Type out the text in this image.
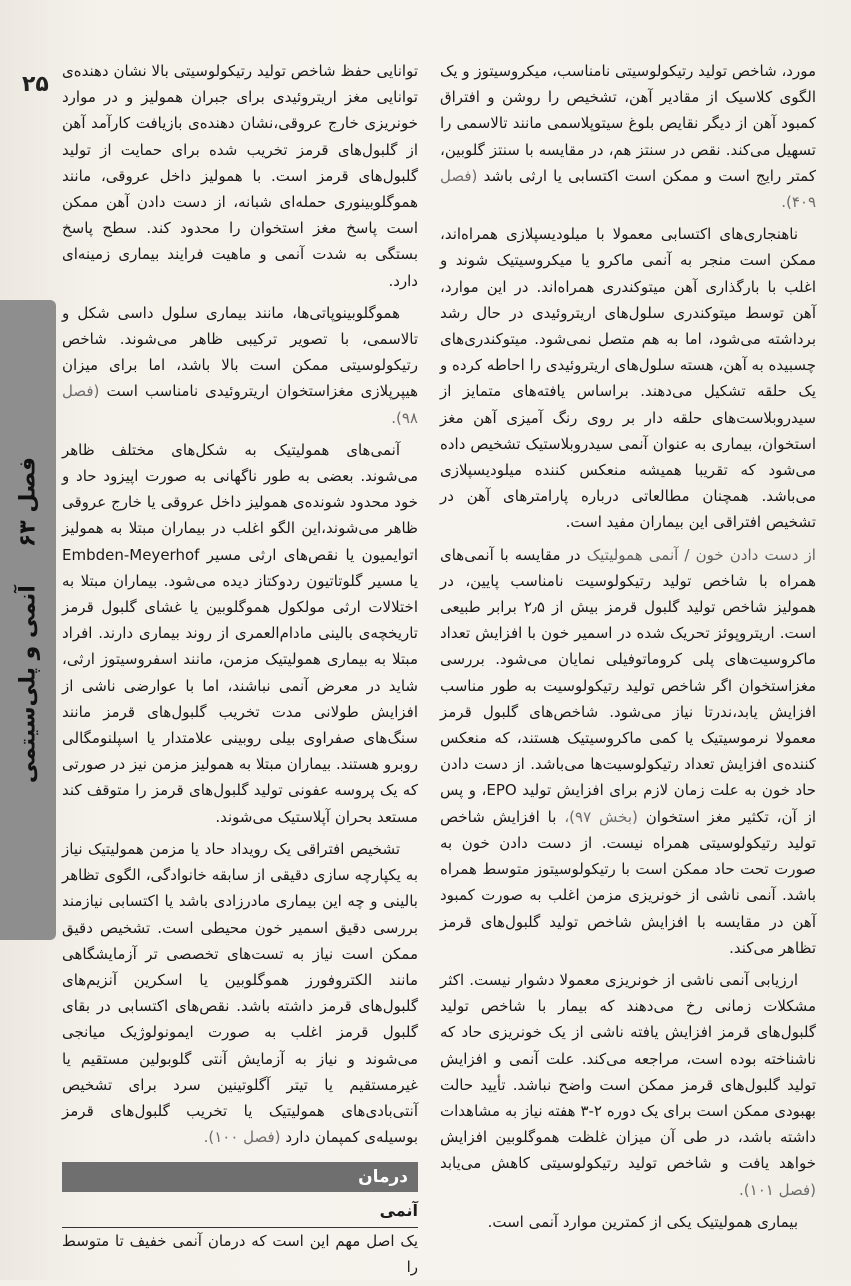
۲۵
فصل ۶۳
آنمی و پلی‌سیتمی

مورد، شاخص تولید رتیکولوسیتی نامناسب، میکروسیتوز و یک الگوی کلاسیک از مقادیر آهن، تشخیص را روشن و افتراق کمبود آهن از دیگر نقایص بلوغ سیتوپلاسمی مانند تالاسمی را تسهیل می‌کند. نقص در سنتز هم، در مقایسه با سنتز گلوبین، کمتر رایج است و ممکن است اکتسابی یا ارثی باشد (فصل ۴۰۹).

ناهنجاری‌های اکتسابی معمولا با میلودیسپلازی همراه‌اند، ممکن است منجر به آنمی ماکرو یا میکروسیتیک شوند و اغلب با بارگذاری آهن میتوکندری همراه‌اند. در این موارد، آهن توسط میتوکندری سلول‌های اریتروئیدی در حال رشد برداشته می‌شود، اما به هم متصل نمی‌شود. میتوکندری‌های چسبیده به آهن، هسته سلول‌های اریتروئیدی را احاطه کرده و یک حلقه تشکیل می‌دهند. براساس یافته‌های متمایز از سیدروبلاست‌های حلقه دار بر روی رنگ آمیزی آهن مغز استخوان، بیماری به عنوان آنمی سیدروبلاستیک تشخیص داده می‌شود که تقریبا همیشه منعکس کننده میلودیسپلازی می‌باشد. همچنان مطالعاتی درباره پارامترهای آهن در تشخیص افتراقی این بیماران مفید است.

از دست دادن خون / آنمی همولیتیک در مقایسه با آنمی‌های همراه با شاخص تولید رتیکولوسیت نامناسب پایین، در همولیز شاخص تولید گلبول قرمز بیش از ۲٫۵ برابر طبیعی است. اریتروپوئز تحریک شده در اسمیر خون با افزایش تعداد ماکروسیت‌های پلی کروماتوفیلی نمایان می‌شود. بررسی مغزاستخوان اگر شاخص تولید رتیکولوسیت به طور مناسب افزایش یابد،ندرتا نیاز می‌شود. شاخص‌های گلبول قرمز معمولا نرموسیتیک یا کمی ماکروسیتیک هستند، که منعکس کننده‌ی افزایش تعداد رتیکولوسیت‌ها می‌باشد. از دست دادن حاد خون به علت زمان لازم برای افزایش تولید EPO، و پس از آن، تکثیر مغز استخوان (بخش ۹۷)، با افزایش شاخص تولید رتیکولوسیتی همراه نیست. از دست دادن خون به صورت تحت حاد ممکن است با رتیکولوسیتوز متوسط همراه باشد. آنمی ناشی از خونریزی مزمن اغلب به صورت کمبود آهن در مقایسه با افزایش شاخص تولید گلبول‌های قرمز تظاهر می‌کند.

ارزیابی آنمی ناشی از خونریزی معمولا دشوار نیست. اکثر مشکلات زمانی رخ می‌دهند که بیمار با شاخص تولید گلبول‌های قرمز افزایش یافته ناشی از یک خونریزی حاد که ناشناخته بوده است، مراجعه می‌کند. علت آنمی و افزایش تولید گلبول‌های قرمز ممکن است واضح نباشد. تأیید حالت بهبودی ممکن است برای یک دوره ۲-۳ هفته نیاز به مشاهدات داشته باشد، در طی آن میزان غلظت هموگلوبین افزایش خواهد یافت و شاخص تولید رتیکولوسیتی کاهش می‌یابد (فصل ۱۰۱).

بیماری همولیتیک یکی از کمترین موارد آنمی است.

توانایی حفظ شاخص تولید رتیکولوسیتی بالا نشان دهنده‌ی توانایی مغز اریتروئیدی برای جبران همولیز و در موارد خونریزی خارج عروقی،نشان دهنده‌ی بازیافت کارآمد آهن از گلبول‌های قرمز تخریب شده برای حمایت از تولید گلبول‌های قرمز است. با همولیز داخل عروقی، مانند هموگلوبینوری حمله‌ای شبانه، از دست دادن آهن ممکن است پاسخ مغز استخوان را محدود کند. سطح پاسخ بستگی به شدت آنمی و ماهیت فرایند بیماری زمینه‌ای دارد.

هموگلوبینوپاتی‌ها، مانند بیماری سلول داسی شکل و تالاسمی، با تصویر ترکیبی ظاهر می‌شوند. شاخص رتیکولوسیتی ممکن است بالا باشد، اما برای میزان هیپرپلازی مغزاستخوان اریتروئیدی نامناسب است (فصل ۹۸).

آنمی‌های همولیتیک به شکل‌های مختلف ظاهر می‌شوند. بعضی به طور ناگهانی به صورت اپیزود حاد و خود محدود شونده‌ی همولیز داخل عروقی یا خارج عروقی ظاهر می‌شوند،این الگو اغلب در بیماران مبتلا به همولیز اتوایمیون یا نقص‌های ارثی مسیر Embden-Meyerhof یا مسیر گلوتاتیون ردوکتاز دیده می‌شود. بیماران مبتلا به اختلالات ارثی مولکول هموگلوبین یا غشای گلبول قرمز تاریخچه‌ی بالینی مادام‌العمری از روند بیماری دارند. افراد مبتلا به بیماری همولیتیک مزمن، مانند اسفروسیتوز ارثی، شاید در معرض آنمی نباشند، اما با عوارضی ناشی از افزایش طولانی مدت تخریب گلبول‌های قرمز مانند سنگ‌های صفراوی بیلی روبینی علامتدار یا اسپلنومگالی روبرو هستند. بیماران مبتلا به همولیز مزمن نیز در صورتی که یک پروسه عفونی تولید گلبول‌های قرمز را متوقف کند مستعد بحران آپلاستیک می‌شوند.

تشخیص افتراقی یک رویداد حاد یا مزمن همولیتیک نیاز به یکپارچه سازی دقیقی از سابقه خانوادگی، الگوی تظاهر بالینی و چه این بیماری مادرزادی باشد یا اکتسابی نیازمند بررسی دقیق اسمیر خون محیطی است. تشخیص دقیق ممکن است نیاز به تست‌های تخصصی تر آزمایشگاهی مانند الکتروفورز هموگلوبین یا اسکرین آنزیم‌های گلبول‌های قرمز داشته باشد. نقص‌های اکتسابی در بقای گلبول قرمز اغلب به صورت ایمونولوژیک میانجی می‌شوند و نیاز به آزمایش آنتی گلوبولین مستقیم یا غیرمستقیم یا تیتر آگلوتینین سرد برای تشخیص آنتی‌بادی‌های همولیتیک یا تخریب گلبول‌های قرمز بوسیله‌ی کمپمان دارد (فصل ۱۰۰).

درمان
آنمی

یک اصل مهم این است که درمان آنمی خفیف تا متوسط را
